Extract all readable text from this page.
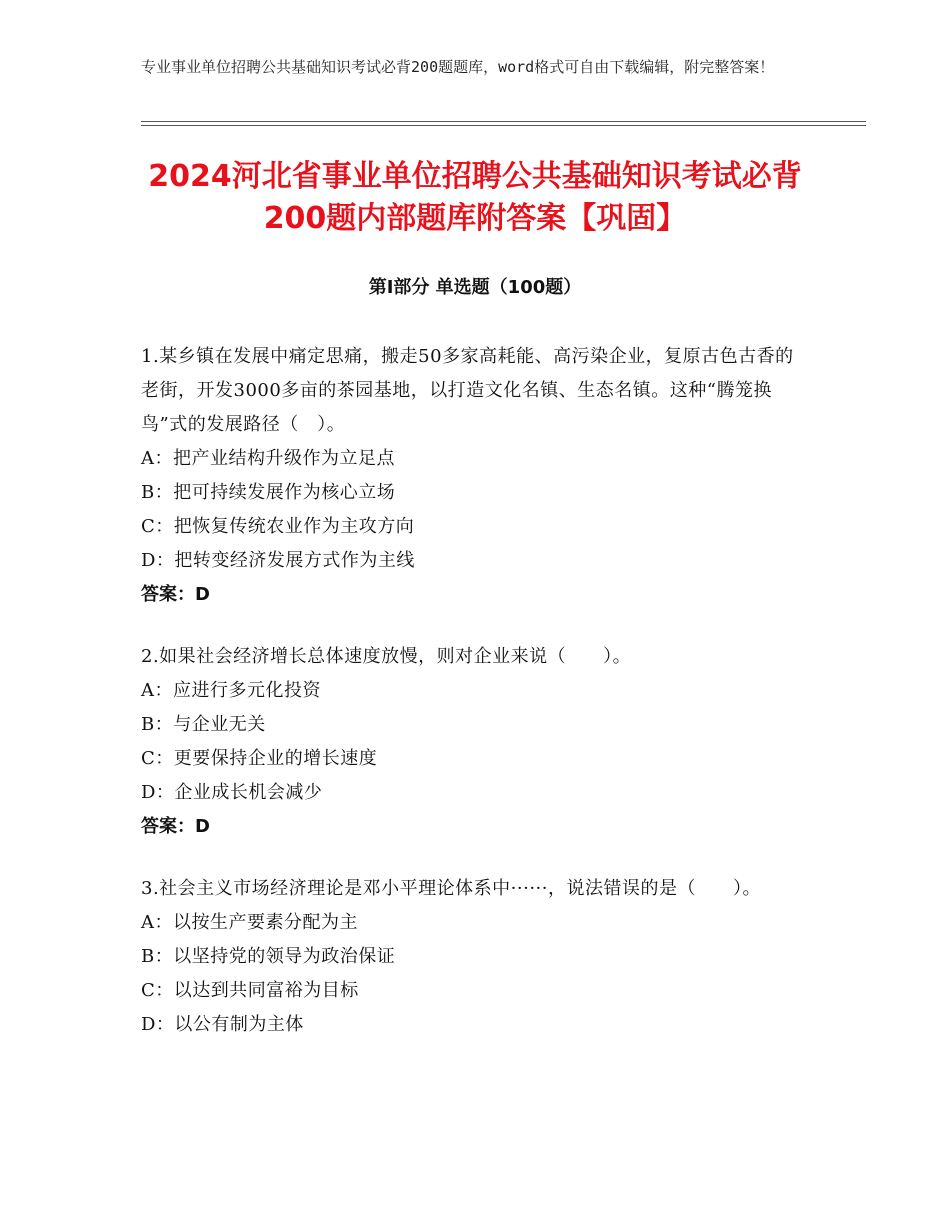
专业事业单位招聘公共基础知识考试必背200题题库，word格式可自由下载编辑，附完整答案！
2024河北省事业单位招聘公共基础知识考试必背200题内部题库附答案【巩固】
第Ⅰ部分 单选题（100题）

1.某乡镇在发展中痛定思痛，搬走50多家高耗能、高污染企业，复原古色古香的老街，开发3000多亩的茶园基地，以打造文化名镇、生态名镇。这种“腾笼换鸟”式的发展路径（　）。

A：把产业结构升级作为立足点

B：把可持续发展作为核心立场

C：把恢复传统农业作为主攻方向

D：把转变经济发展方式作为主线

答案：D

2.如果社会经济增长总体速度放慢，则对企业来说（　　）。

A：应进行多元化投资

B：与企业无关

C：更要保持企业的增长速度

D：企业成长机会减少

答案：D

3.社会主义市场经济理论是邓小平理论体系中······，说法错误的是（　　）。

A：以按生产要素分配为主

B：以坚持党的领导为政治保证

C：以达到共同富裕为目标

D：以公有制为主体
